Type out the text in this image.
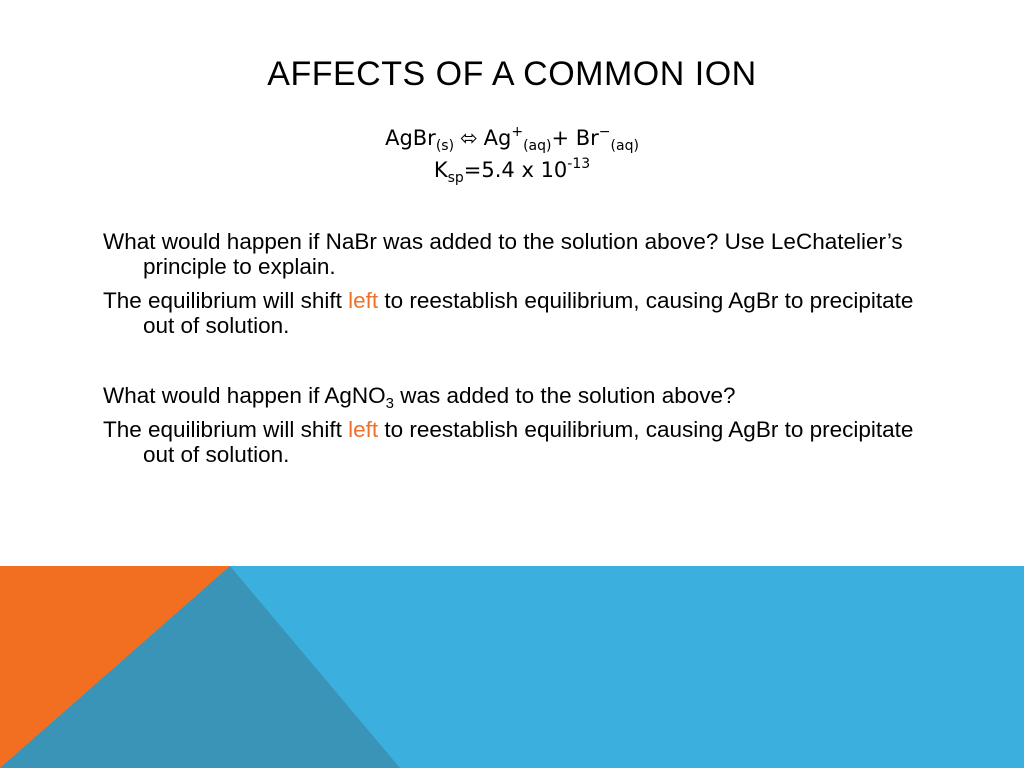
AFFECTS OF A COMMON ION
AgBr$_{(s)}$ ⬄ $Ag^+_{(aq)}+ Br^-_{(aq)}$
$K_{sp}=5.4$ x $10^{-13}$

What would happen if NaBr was added to the solution above? Use LeChatelier’s principle to explain.

The equilibrium will shift left to reestablish equilibrium, causing AgBr to precipitate out of solution.

What would happen if AgNO$_3$ was added to the solution above?

The equilibrium will shift left to reestablish equilibrium, causing AgBr to precipitate out of solution.
